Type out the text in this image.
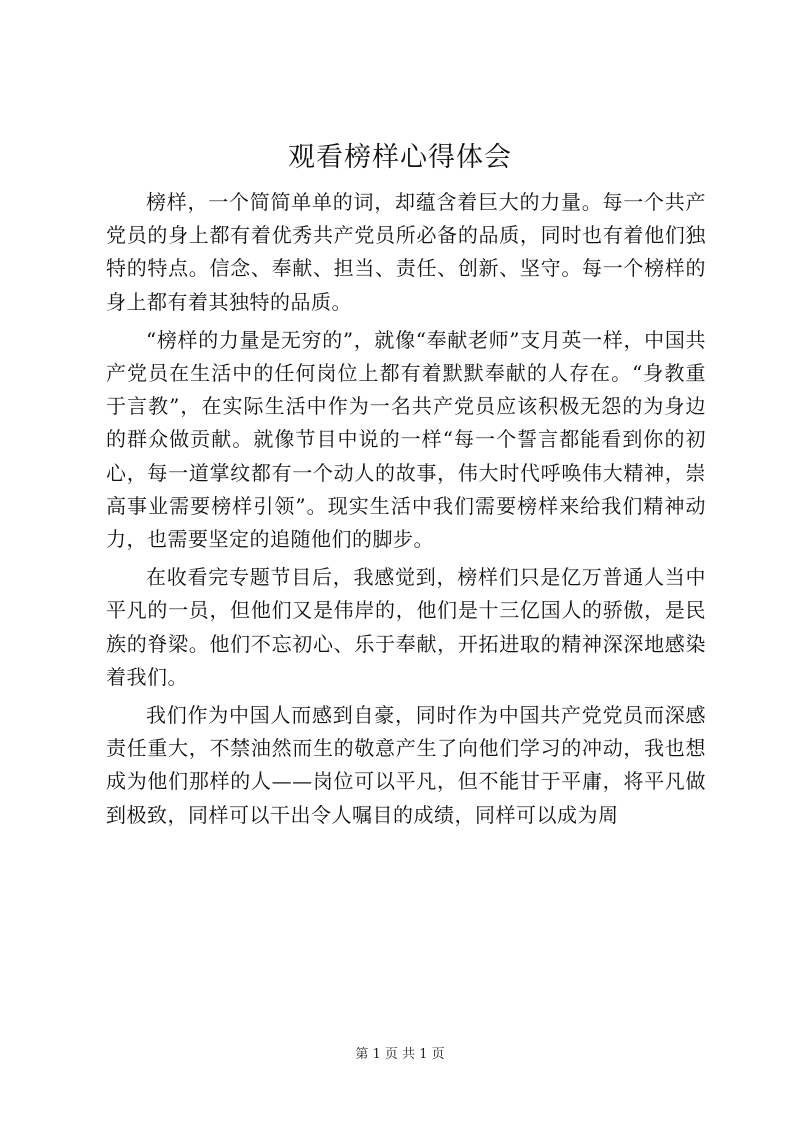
观看榜样心得体会

榜样，一个简简单单的词，却蕴含着巨大的力量。每一个共产党员的身上都有着优秀共产党员所必备的品质，同时也有着他们独特的特点。信念、奉献、担当、责任、创新、坚守。每一个榜样的身上都有着其独特的品质。

“榜样的力量是无穷的”，就像“奉献老师”支月英一样，中国共产党员在生活中的任何岗位上都有着默默奉献的人存在。“身教重于言教”，在实际生活中作为一名共产党员应该积极无怨的为身边的群众做贡献。就像节目中说的一样“每一个誓言都能看到你的初心，每一道掌纹都有一个动人的故事，伟大时代呼唤伟大精神，崇高事业需要榜样引领”。现实生活中我们需要榜样来给我们精神动力，也需要坚定的追随他们的脚步。

在收看完专题节目后，我感觉到，榜样们只是亿万普通人当中平凡的一员，但他们又是伟岸的，他们是十三亿国人的骄傲，是民族的脊梁。他们不忘初心、乐于奉献，开拓进取的精神深深地感染着我们。

我们作为中国人而感到自豪，同时作为中国共产党党员而深感责任重大，不禁油然而生的敬意产生了向他们学习的冲动，我也想成为他们那样的人——岗位可以平凡，但不能甘于平庸，将平凡做到极致，同样可以干出令人嘱目的成绩，同样可以成为周

第 1 页 共 1 页
